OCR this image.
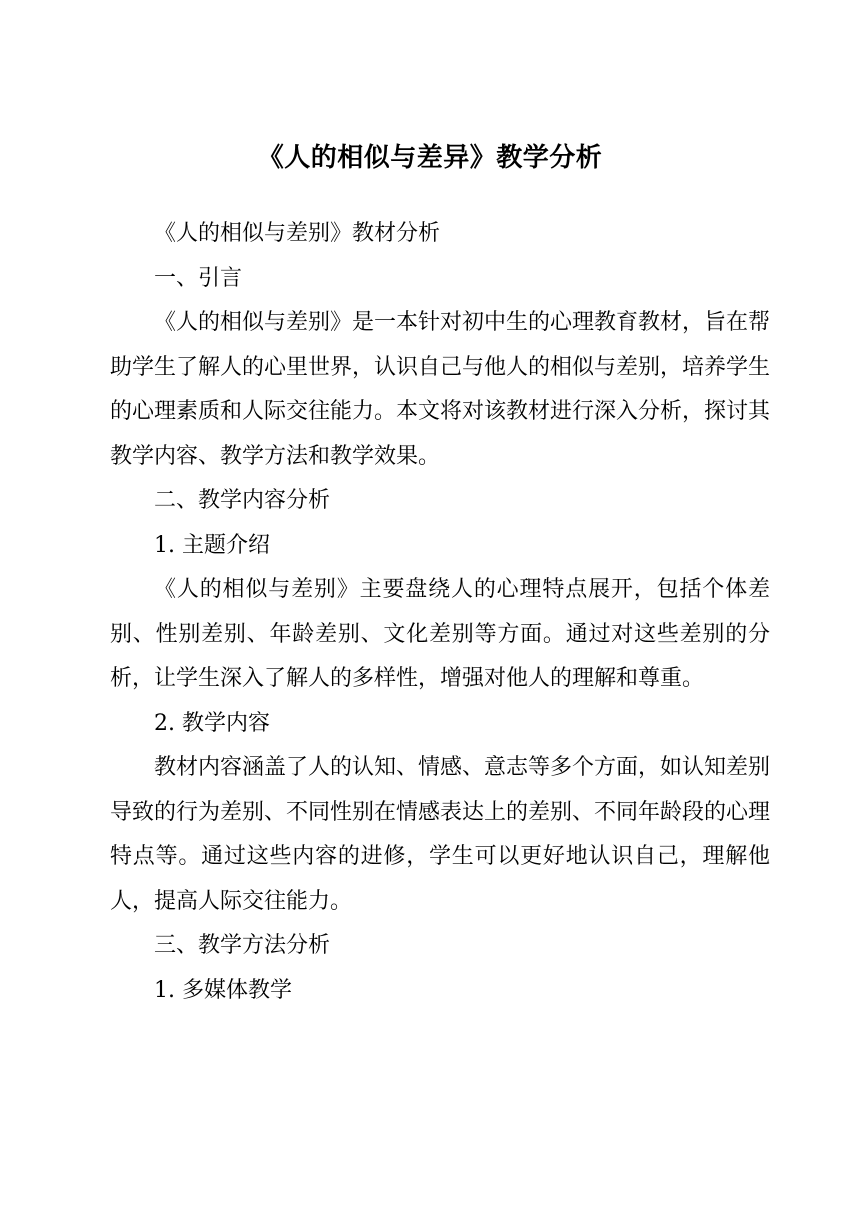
《人的相似与差异》教学分析

《人的相似与差别》教材分析

一、引言

《人的相似与差别》是一本针对初中生的心理教育教材，旨在帮助学生了解人的心里世界，认识自己与他人的相似与差别，培养学生的心理素质和人际交往能力。本文将对该教材进行深入分析，探讨其教学内容、教学方法和教学效果。

二、教学内容分析

1. 主题介绍

《人的相似与差别》主要盘绕人的心理特点展开，包括个体差别、性别差别、年龄差别、文化差别等方面。通过对这些差别的分析，让学生深入了解人的多样性，增强对他人的理解和尊重。

2. 教学内容

教材内容涵盖了人的认知、情感、意志等多个方面，如认知差别导致的行为差别、不同性别在情感表达上的差别、不同年龄段的心理特点等。通过这些内容的进修，学生可以更好地认识自己，理解他人，提高人际交往能力。

三、教学方法分析

1. 多媒体教学
